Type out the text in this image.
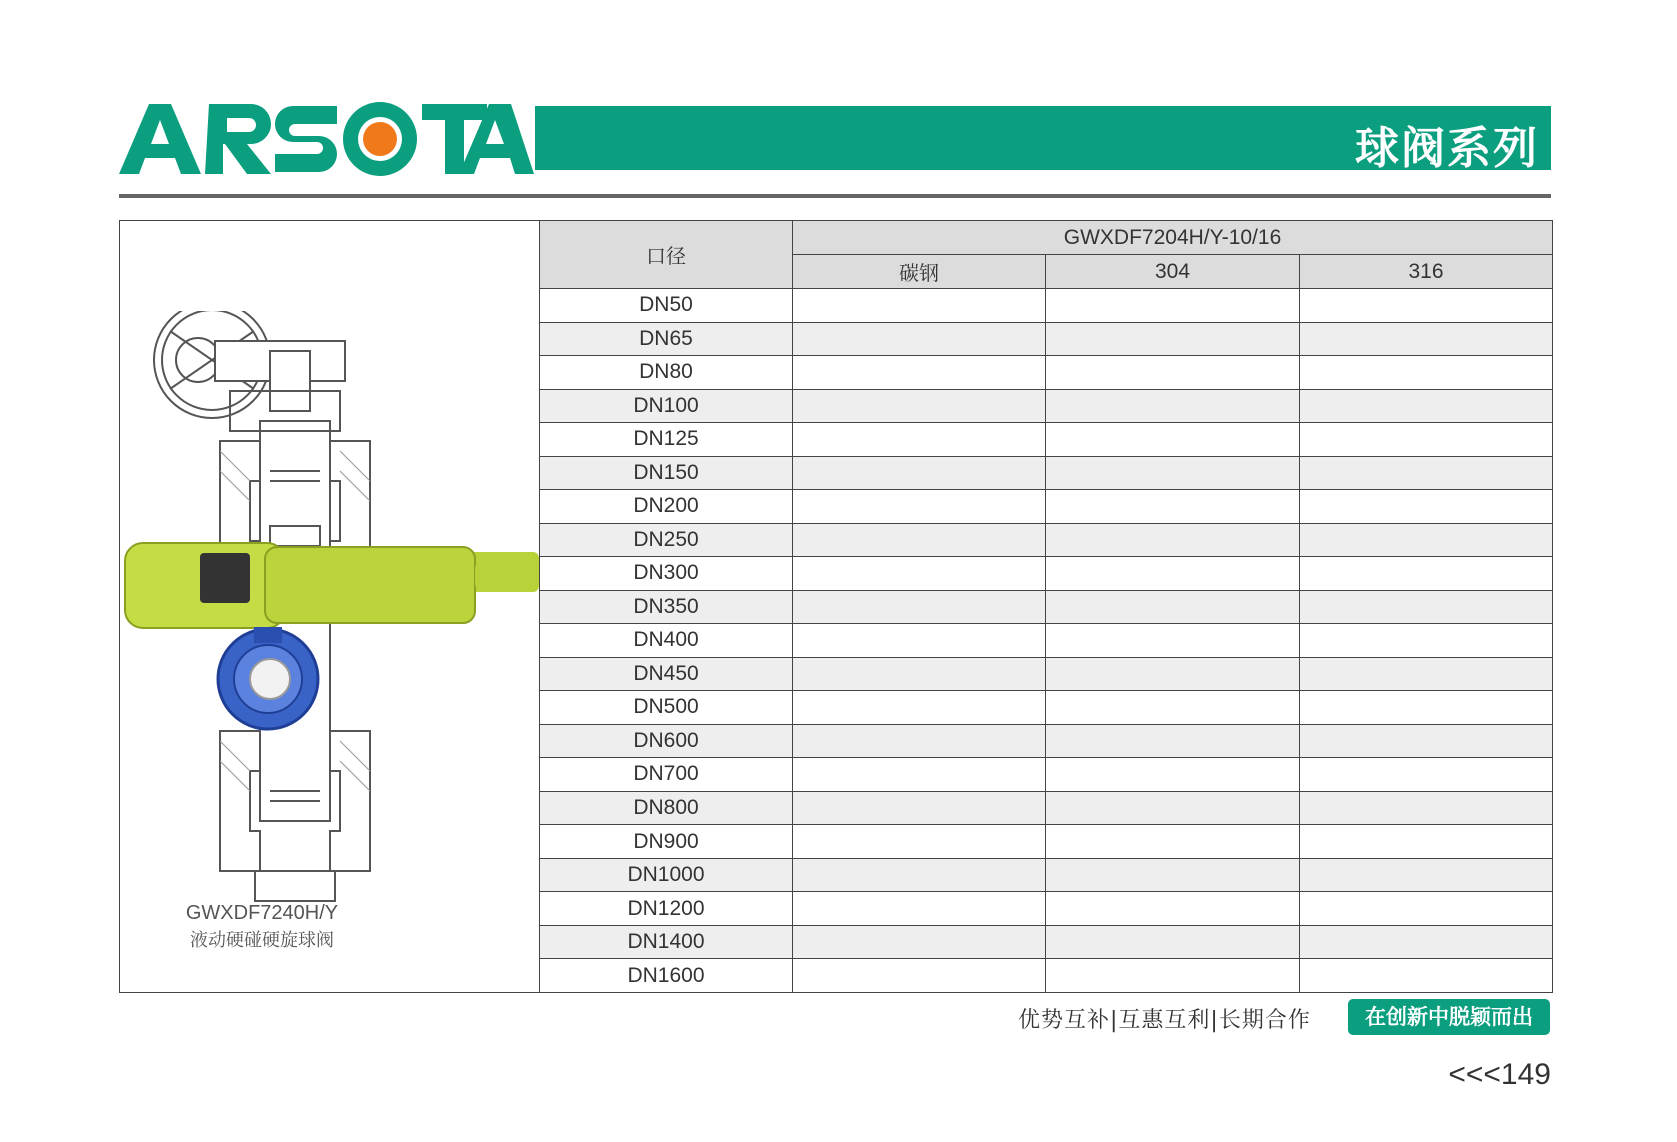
球阀系列
GWXDF7240H/Y
液动硬碰硬旋球阀
口径	GWXDF7204H/Y-10/16		
	碳钢	304	316
DN50			
DN65			
DN80			
DN100			
DN125			
DN150			
DN200			
DN250			
DN300			
DN350			
DN400			
DN450			
DN500			
DN600			
DN700			
DN800			
DN900			
DN1000			
DN1200			
DN1400			
DN1600			
优势互补|互惠互利|长期合作	在创新中脱颖而出
<<<149
